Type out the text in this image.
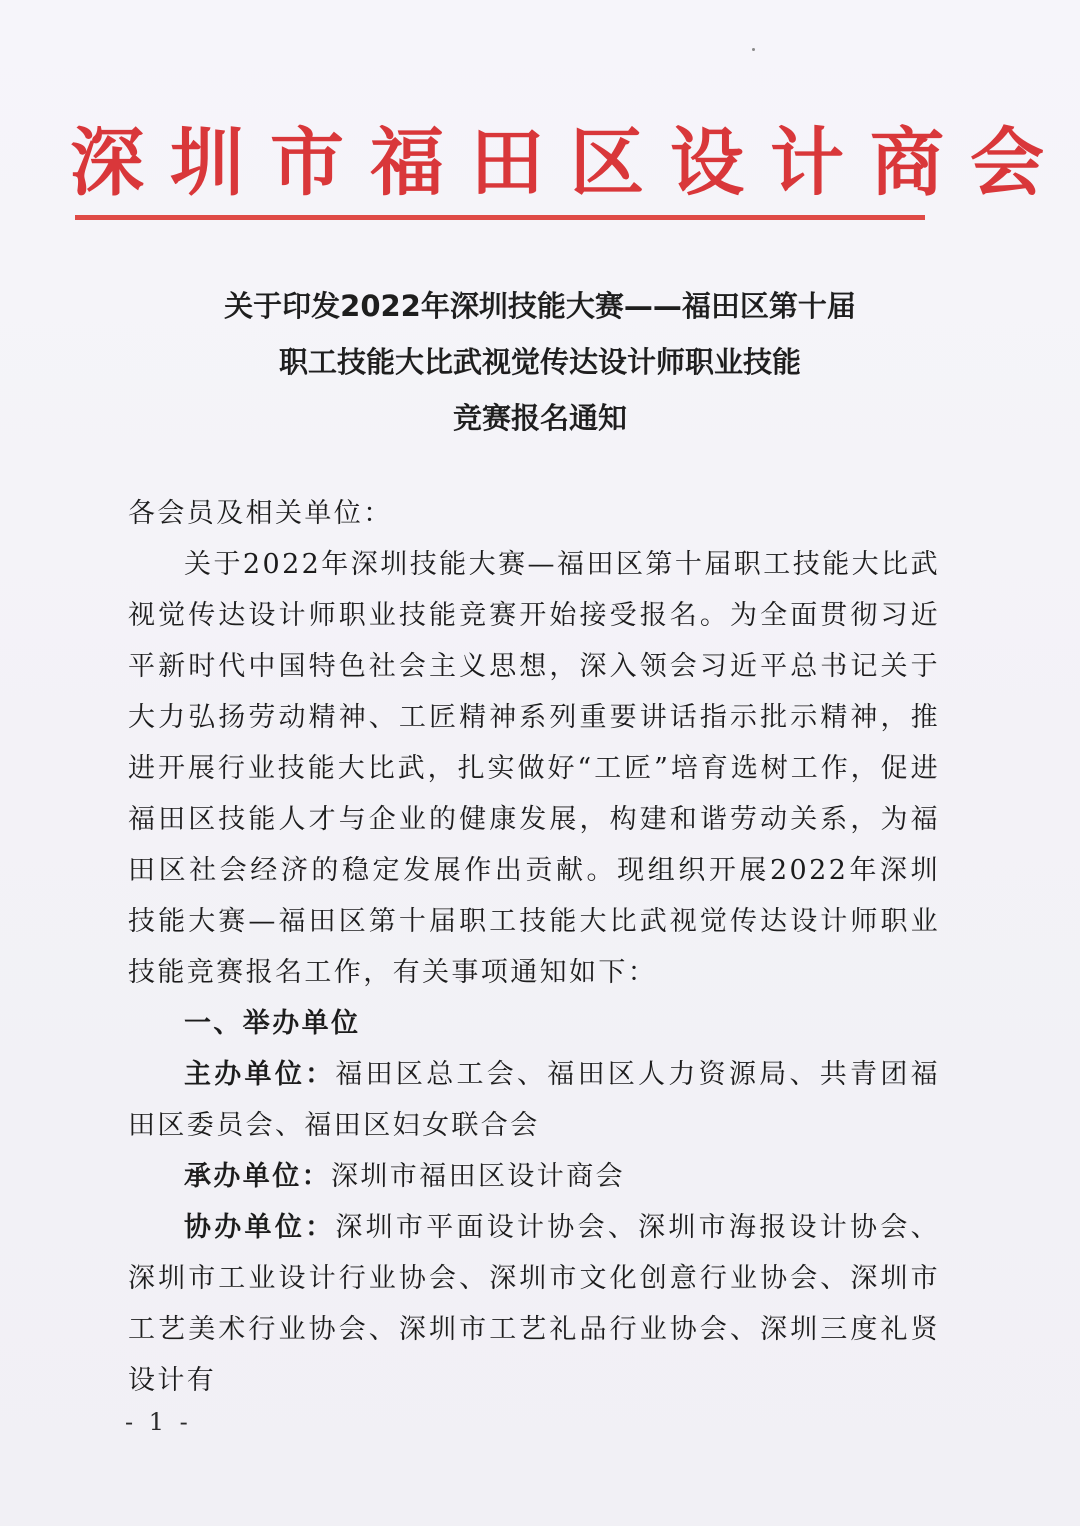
深圳市福田区设计商会
关于印发2022年深圳技能大赛——福田区第十届
职工技能大比武视觉传达设计师职业技能
竞赛报名通知

各会员及相关单位：

关于2022年深圳技能大赛—福田区第十届职工技能大比武视觉传达设计师职业技能竞赛开始接受报名。为全面贯彻习近平新时代中国特色社会主义思想，深入领会习近平总书记关于大力弘扬劳动精神、工匠精神系列重要讲话指示批示精神，推进开展行业技能大比武，扎实做好“工匠”培育选树工作，促进福田区技能人才与企业的健康发展，构建和谐劳动关系，为福田区社会经济的稳定发展作出贡献。现组织开展2022年深圳技能大赛—福田区第十届职工技能大比武视觉传达设计师职业技能竞赛报名工作，有关事项通知如下：

一、举办单位

主办单位：福田区总工会、福田区人力资源局、共青团福田区委员会、福田区妇女联合会

承办单位：深圳市福田区设计商会

协办单位：深圳市平面设计协会、深圳市海报设计协会、深圳市工业设计行业协会、深圳市文化创意行业协会、深圳市工艺美术行业协会、深圳市工艺礼品行业协会、深圳三度礼贤设计有

- 1 -
